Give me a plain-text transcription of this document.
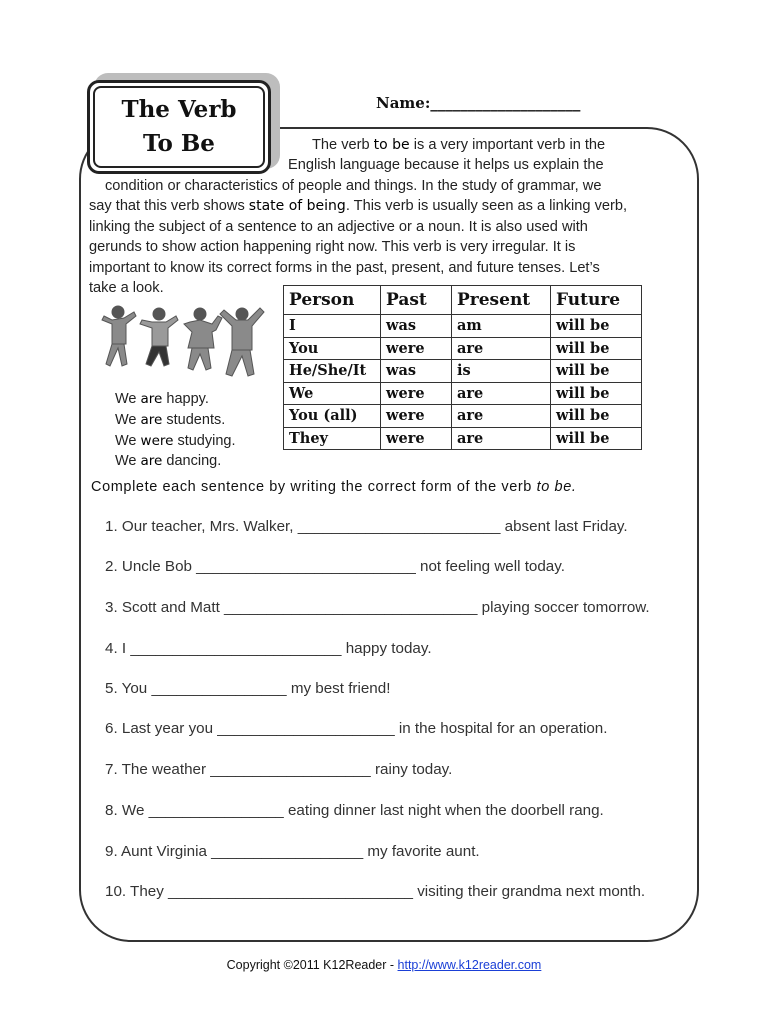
The Verb
To Be
Name:____________________
The verb to be is a very important verb in the
English language because it helps us explain the
condition or characteristics of people and things. In the study of grammar, we
say that this verb shows state of being. This verb is usually seen as a linking verb,
linking the subject of a sentence to an adjective or a noun. It is also used with
gerunds to show action happening right now. This verb is very irregular. It is
important to know its correct forms in the past, present, and future tenses. Let’s
take a look.
We are happy.
We are students.
We were studying.
We are dancing.
Person	Past	Present	Future
I	was	am	will be
You	were	are	will be
He/She/It	was	is	will be
We	were	are	will be
You (all)	were	are	will be
They	were	are	will be
Complete each sentence by writing the correct form of the verb to be.
1. Our teacher, Mrs. Walker, ________________________ absent last Friday.
2. Uncle Bob __________________________ not feeling well today.
3. Scott and Matt ______________________________ playing soccer tomorrow.
4. I _________________________ happy today.
5. You ________________ my best friend!
6. Last year you _____________________ in the hospital for an operation.
7. The weather ___________________ rainy today.
8. We ________________ eating dinner last night when the doorbell rang.
9. Aunt Virginia __________________ my favorite aunt.
10. They _____________________________ visiting their grandma next month.
Copyright ©2011 K12Reader - http://www.k12reader.com
